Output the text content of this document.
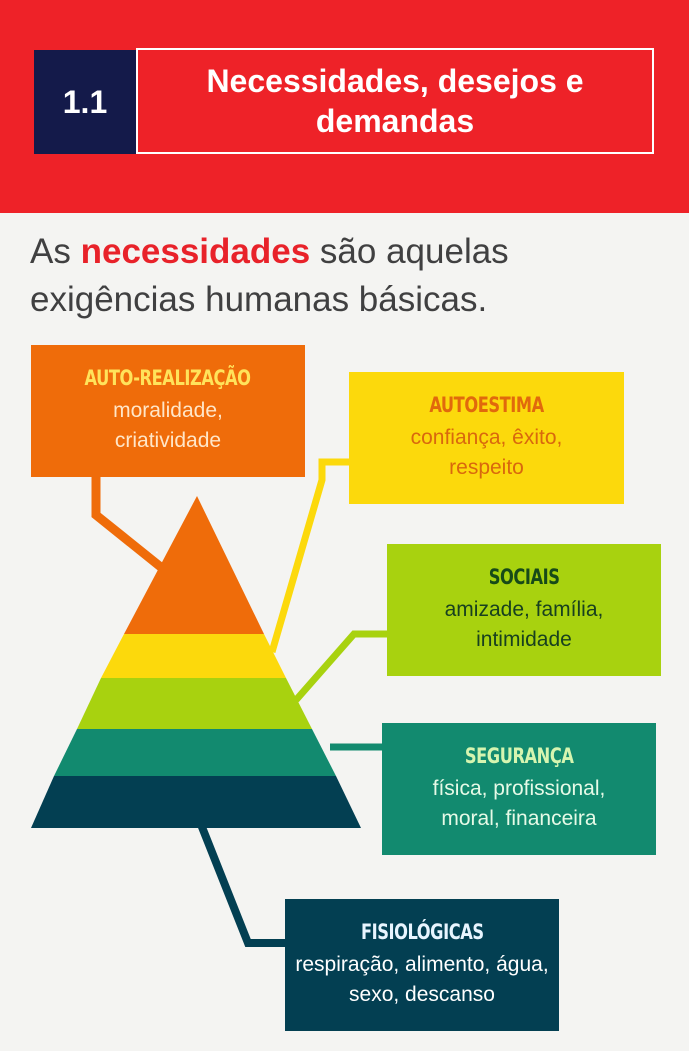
1.1
Necessidades, desejos e demandas
As necessidades são aquelas exigências humanas básicas.
AUTO-REALIZAÇÃO
moralidade, criatividade
AUTOESTIMA
confiança, êxito, respeito
SOCIAIS
amizade, família, intimidade
SEGURANÇA
física, profissional, moral, financeira
FISIOLÓGICAS
respiração, alimento, água, sexo, descanso
